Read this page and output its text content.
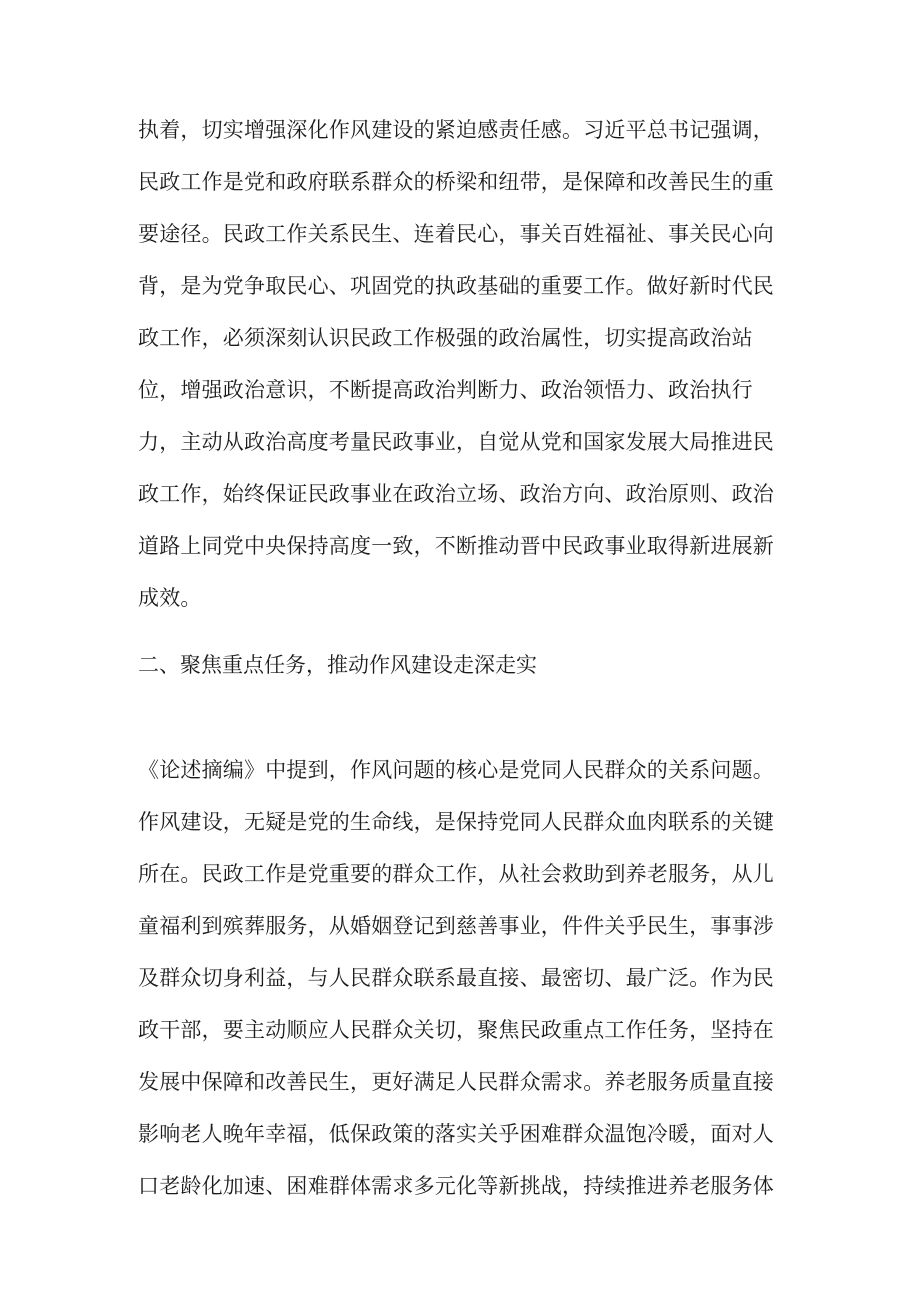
执着，切实增强深化作风建设的紧迫感责任感。习近平总书记强调，
民政工作是党和政府联系群众的桥梁和纽带，是保障和改善民生的重
要途径。民政工作关系民生、连着民心，事关百姓福祉、事关民心向
背，是为党争取民心、巩固党的执政基础的重要工作。做好新时代民
政工作，必须深刻认识民政工作极强的政治属性，切实提高政治站
位，增强政治意识，不断提高政治判断力、政治领悟力、政治执行
力，主动从政治高度考量民政事业，自觉从党和国家发展大局推进民
政工作，始终保证民政事业在政治立场、政治方向、政治原则、政治
道路上同党中央保持高度一致，不断推动晋中民政事业取得新进展新
成效。
二、聚焦重点任务，推动作风建设走深走实
《论述摘编》中提到，作风问题的核心是党同人民群众的关系问题。
作风建设，无疑是党的生命线，是保持党同人民群众血肉联系的关键
所在。民政工作是党重要的群众工作，从社会救助到养老服务，从儿
童福利到殡葬服务，从婚姻登记到慈善事业，件件关乎民生，事事涉
及群众切身利益，与人民群众联系最直接、最密切、最广泛。作为民
政干部，要主动顺应人民群众关切，聚焦民政重点工作任务，坚持在
发展中保障和改善民生，更好满足人民群众需求。养老服务质量直接
影响老人晚年幸福，低保政策的落实关乎困难群众温饱冷暖，面对人
口老龄化加速、困难群体需求多元化等新挑战，持续推进养老服务体
